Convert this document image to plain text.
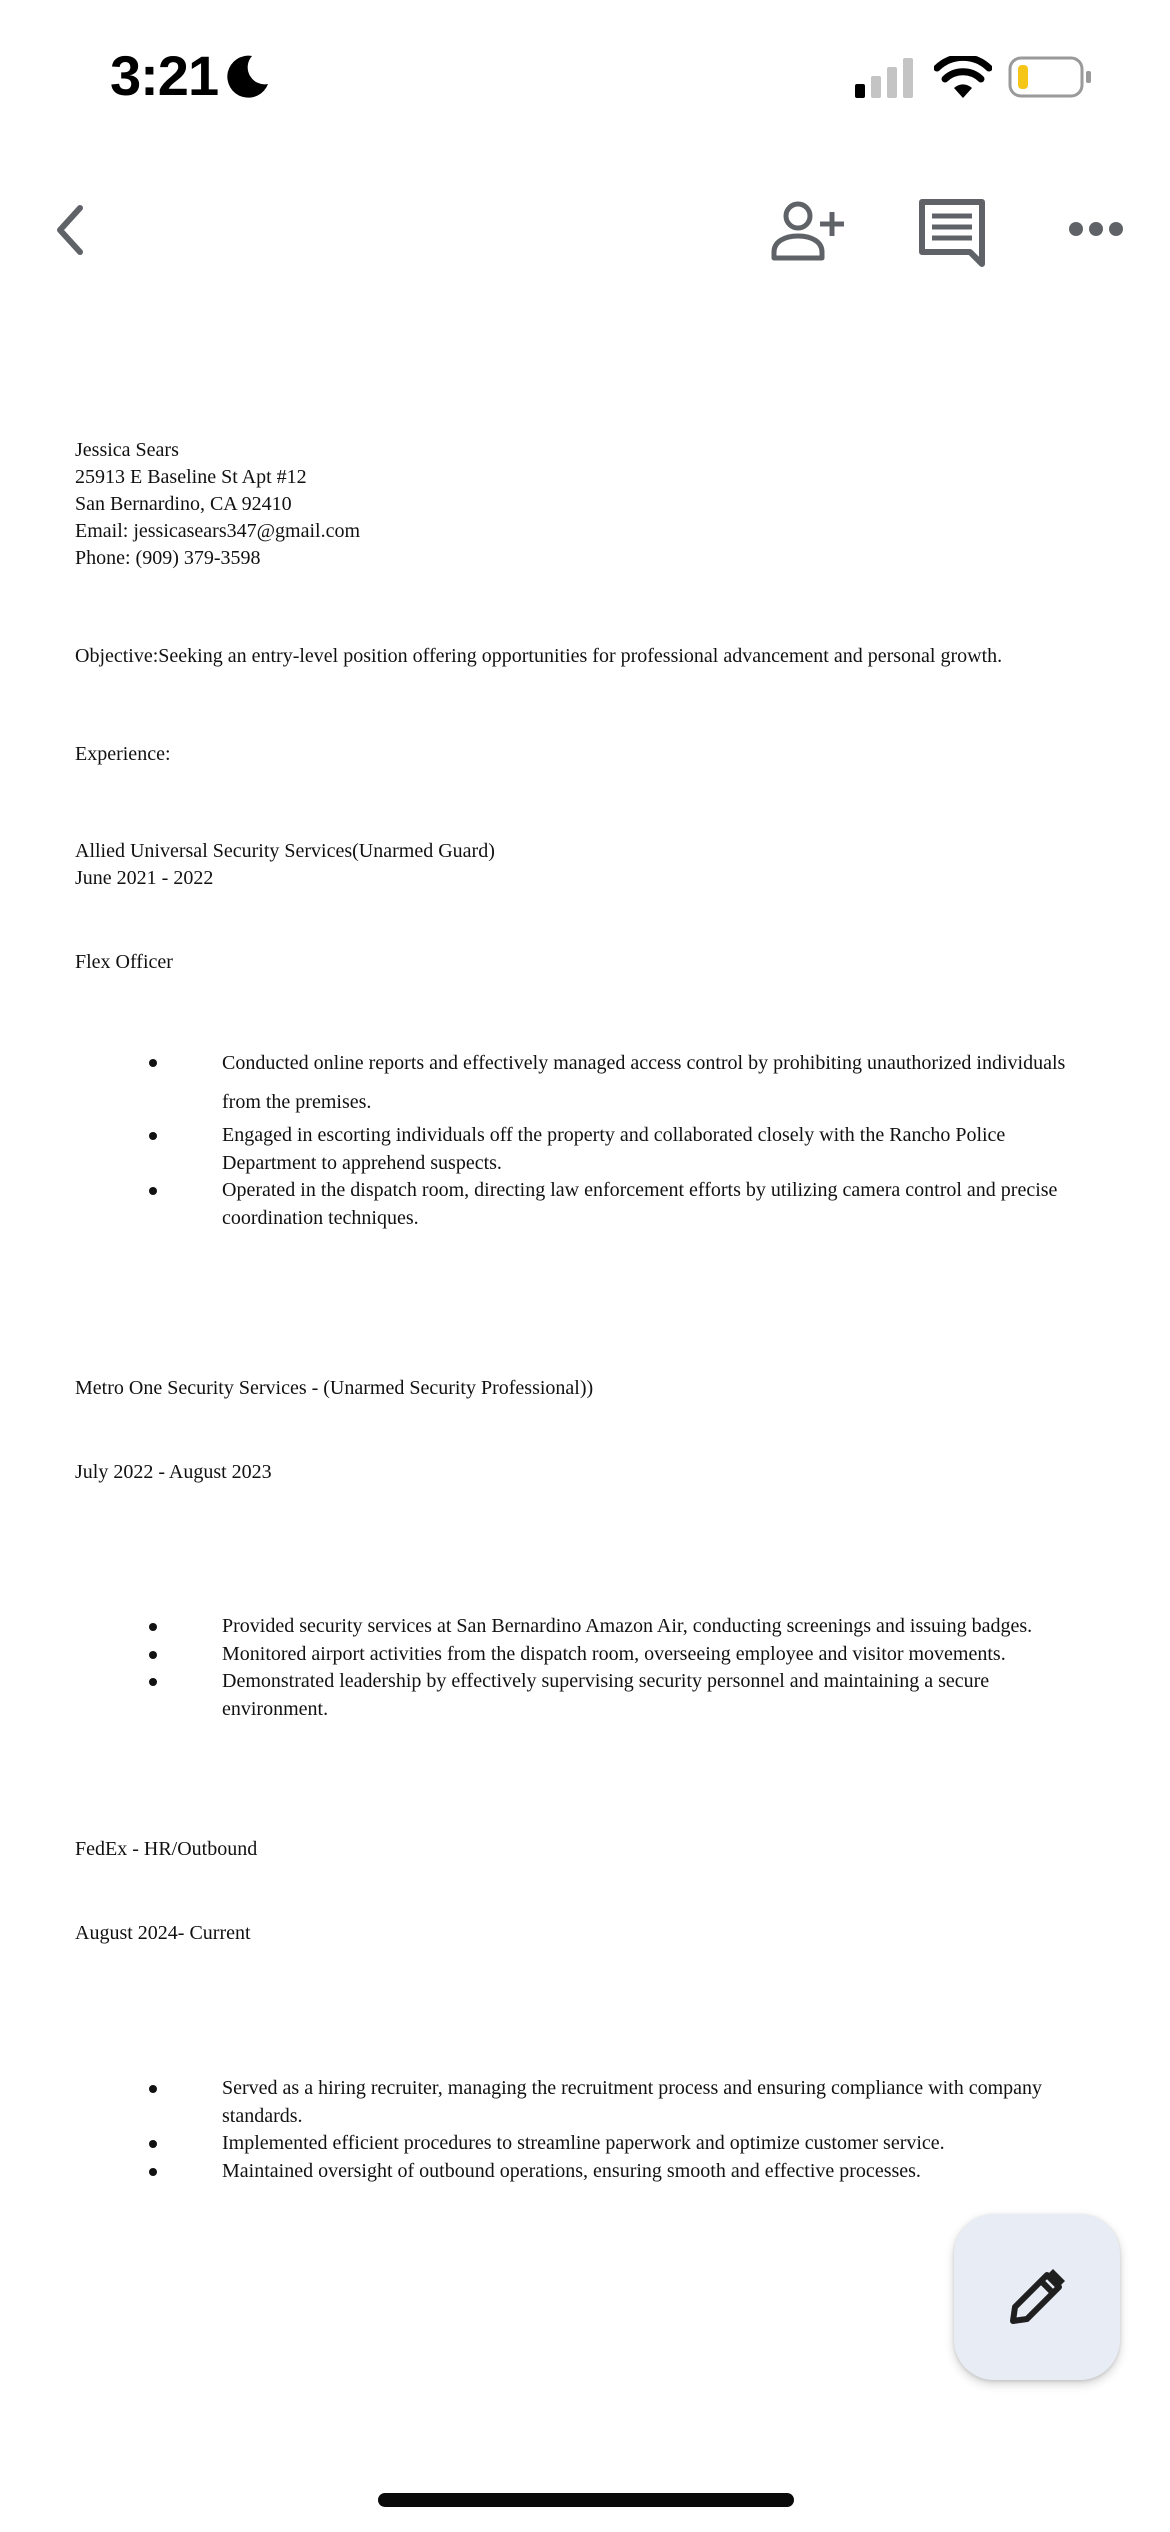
3:21
Jessica Sears
25913 E Baseline St Apt #12
San Bernardino, CA 92410
Email: jessicasears347@gmail.com
Phone: (909) 379-3598
Objective:Seeking an entry-level position offering opportunities for professional advancement and personal growth.
Experience:
Allied Universal Security Services(Unarmed Guard)
June 2021 - 2022
Flex Officer
Conducted online reports and effectively managed access control by prohibiting unauthorized individuals from the premises.
Engaged in escorting individuals off the property and collaborated closely with the Rancho Police Department to apprehend suspects.
Operated in the dispatch room, directing law enforcement efforts by utilizing camera control and precise coordination techniques.
Metro One Security Services - (Unarmed Security Professional))
July 2022 - August 2023
Provided security services at San Bernardino Amazon Air, conducting screenings and issuing badges.
Monitored airport activities from the dispatch room, overseeing employee and visitor movements.
Demonstrated leadership by effectively supervising security personnel and maintaining a secure environment.
FedEx - HR/Outbound
August 2024- Current
Served as a hiring recruiter, managing the recruitment process and ensuring compliance with company standards.
Implemented efficient procedures to streamline paperwork and optimize customer service.
Maintained oversight of outbound operations, ensuring smooth and effective processes.
